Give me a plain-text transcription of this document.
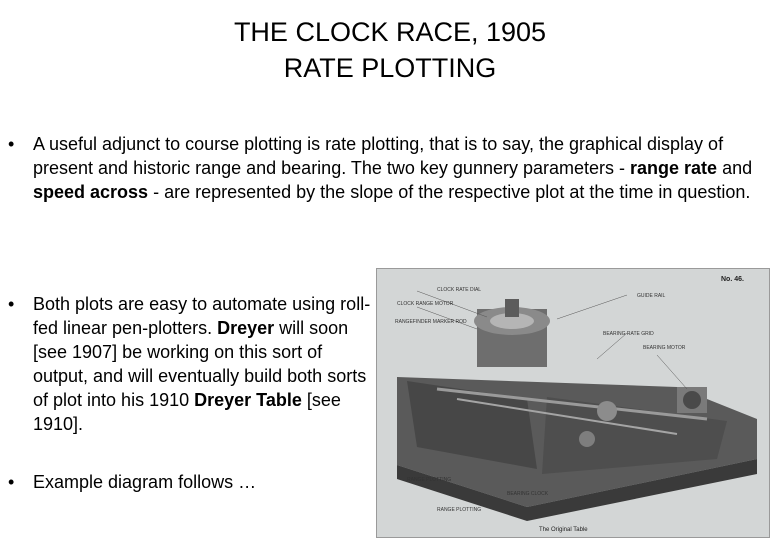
THE CLOCK RACE, 1905
RATE PLOTTING
• A useful adjunct to course plotting is rate plotting, that is to say, the graphical display of present and historic range and bearing. The two key gunnery parameters - range rate and speed across - are represented by the slope of the respective plot at the time in question.
• Both plots are easy to automate using roll-fed linear pen-plotters. Dreyer will soon [see 1907] be working on this sort of output, and will eventually build both sorts of plot into his 1910 Dreyer Table [see 1910].
• Example diagram follows …
CLOCK RATE DIAL
CLOCK RANGE MOTOR
RANGEFINDER MARKER ROD
GUIDE RAIL
BEARING RATE GRID
BEARING MOTOR
BEARING CLOCK
RANGE PLOTTING
RANGE PLOTTING
No. 46.
The Original Table
